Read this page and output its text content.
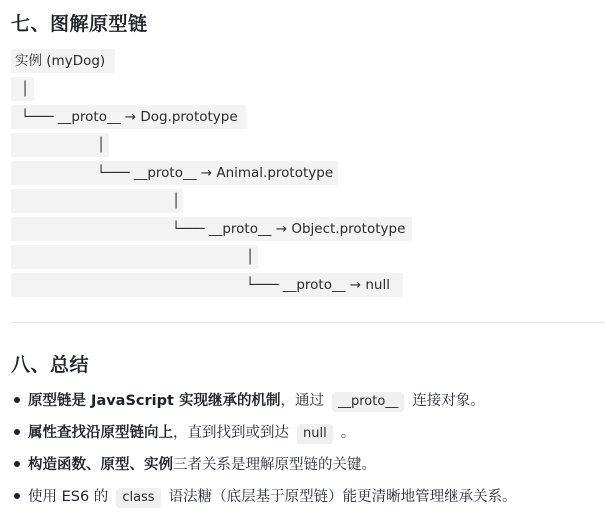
七、图解原型链
实例 (myDog)
│
└─── __proto__ → Dog.prototype
│
└─── __proto__ → Animal.prototype
│
└─── __proto__ → Object.prototype
│
└─── __proto__ → null
八、总结
原型链是 JavaScript 实现继承的机制，通过 __proto__ 连接对象。
属性查找沿原型链向上，直到找到或到达 null 。
构造函数、原型、实例三者关系是理解原型链的关键。
使用 ES6 的 class 语法糖（底层基于原型链）能更清晰地管理继承关系。
